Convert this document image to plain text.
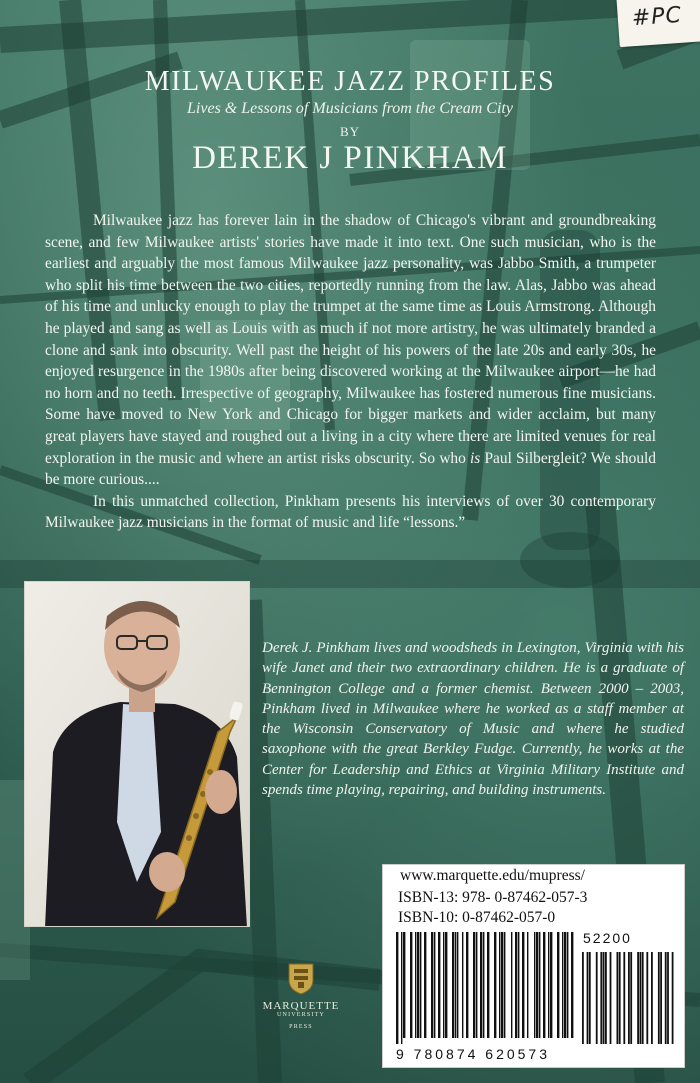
#PC
MILWAUKEE JAZZ PROFILES
Lives & Lessons of Musicians from the Cream City
BY
DEREK J PINKHAM

Milwaukee jazz has forever lain in the shadow of Chicago's vibrant and groundbreaking scene, and few Milwaukee artists' stories have made it into text. One such musician, who is the earliest and arguably the most famous Milwaukee jazz personality, was Jabbo Smith, a trumpeter who split his time between the two cities, reportedly running from the law. Alas, Jabbo was ahead of his time and unlucky enough to play the trumpet at the same time as Louis Armstrong. Although he played and sang as well as Louis with as much if not more artistry, he was ultimately branded a clone and sank into obscurity. Well past the height of his powers of the late 20s and early 30s, he enjoyed resurgence in the 1980s after being discovered working at the Milwaukee airport—he had no horn and no teeth. Irrespective of geography, Milwaukee has fostered numerous fine musicians. Some have moved to New York and Chicago for bigger markets and wider acclaim, but many great players have stayed and roughed out a living in a city where there are limited venues for real exploration in the music and where an artist risks obscurity. So who is Paul Silbergleit? We should be more curious....

In this unmatched collection, Pinkham presents his interviews of over 30 contemporary Milwaukee jazz musicians in the format of music and life “lessons.”

Derek J. Pinkham lives and woodsheds in Lexington, Virginia with his wife Janet and their two extraordinary children. He is a graduate of Bennington College and a former chemist. Between 2000 – 2003, Pinkham lived in Milwaukee where he worked as a staff member at the Wisconsin Conservatory of Music and where he studied saxophone with the great Berkley Fudge. Currently, he works at the Center for Leadership and Ethics at Virginia Military Institute and spends time playing, repairing, and building instruments.
MARQUETTE
UNIVERSITY
PRESS
www.marquette.edu/mupress/
ISBN-13: 978- 0-87462-057-3
ISBN-10: 0-87462-057-0
52200
9 780874 620573
